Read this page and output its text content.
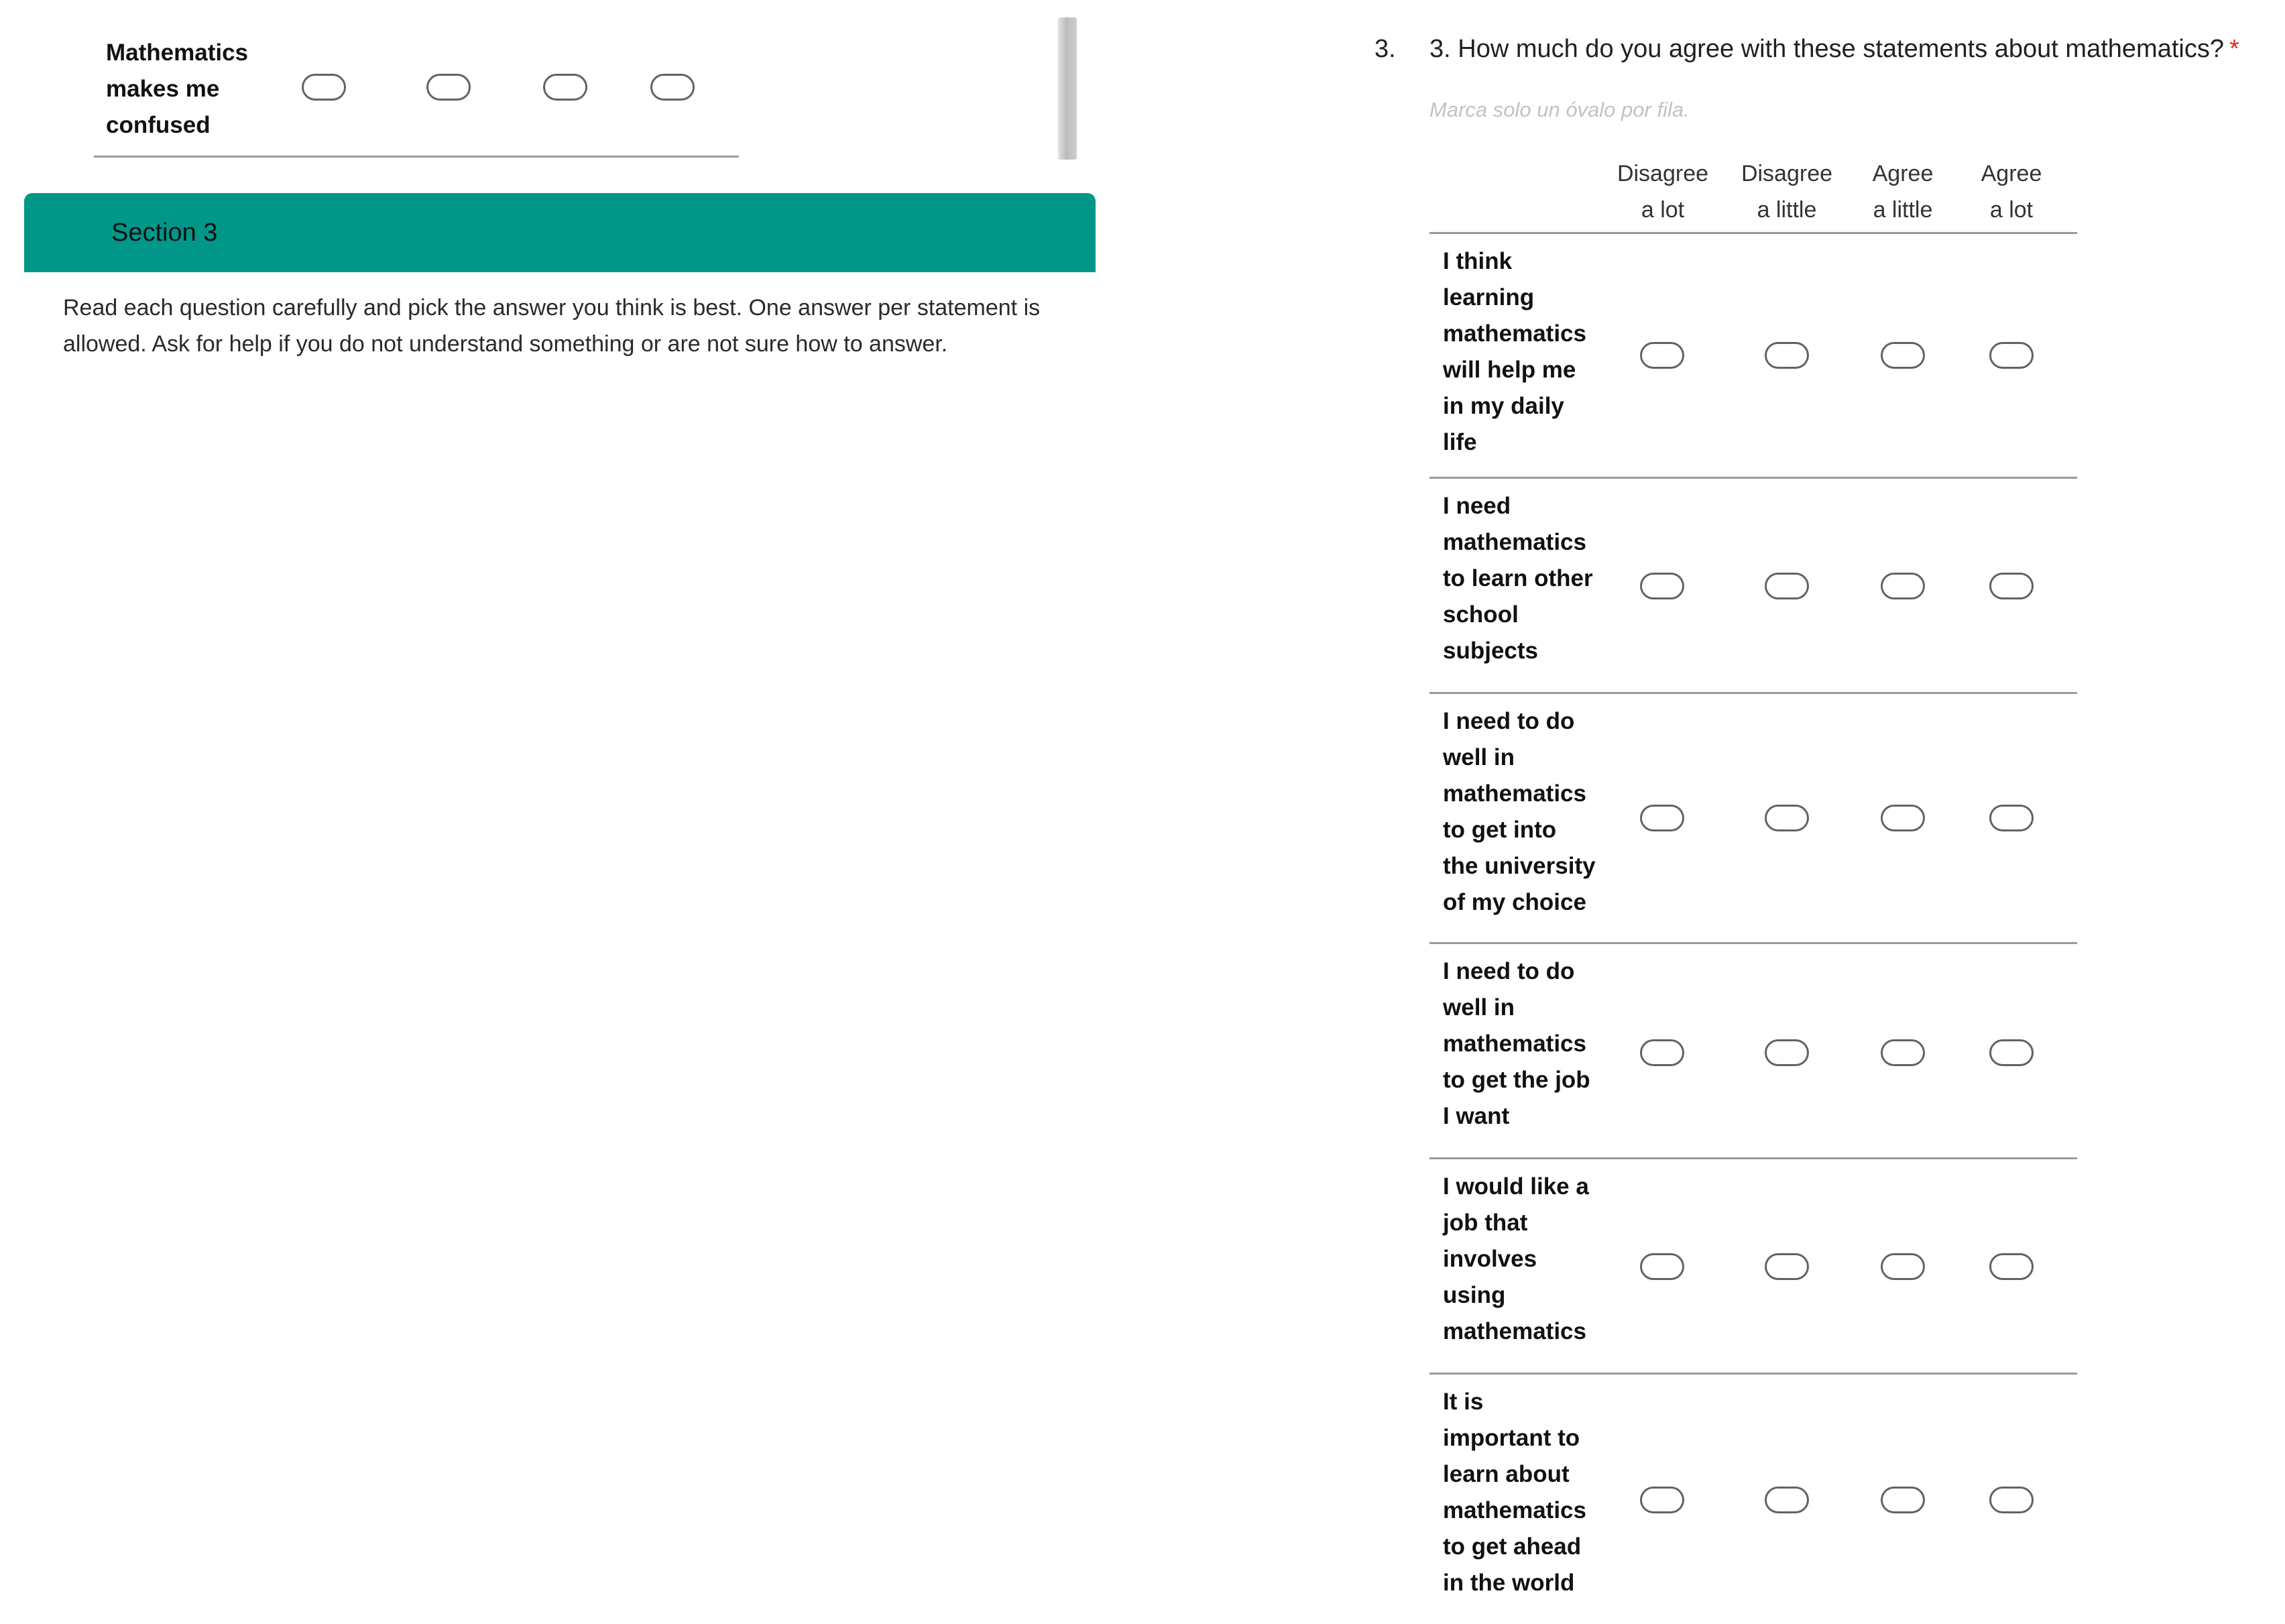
Mathematics makes me confused
Section 3
Read each question carefully and pick the answer you think is best. One answer per statement is allowed. Ask for help if you do not understand something or are not sure how to answer.
3. 3. How much do you agree with these statements about mathematics? *
Marca solo un óvalo por fila.
Disagree
a lot
Disagree
a little
Agree
a little
Agree
a lot
I think learning mathematics will help me in my daily life
I need mathematics to learn other school subjects
I need to do well in mathematics to get into the university of my choice
I need to do well in mathematics to get the job I want
I would like a job that involves using mathematics
It is important to learn about mathematics to get ahead in the world
